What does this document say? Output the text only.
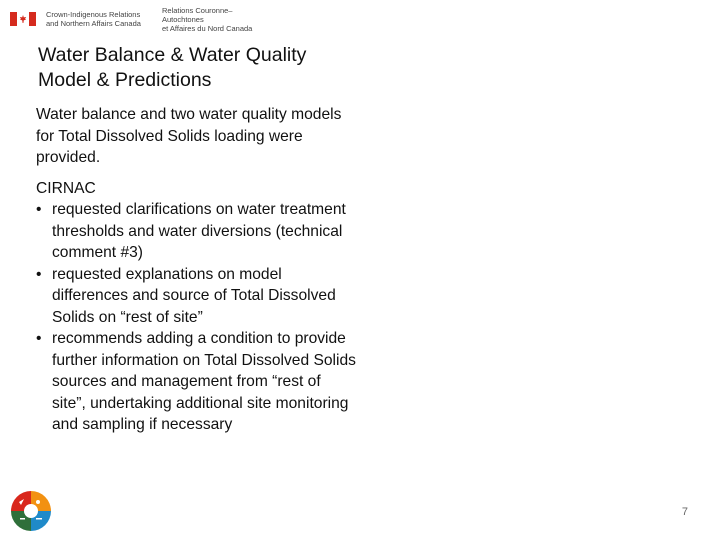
Crown-Indigenous Relations
and Northern Affairs Canada
Relations Couronne–Autochtones
et Affaires du Nord Canada
Water Balance & Water Quality Model & Predictions

Water balance and two water quality models for Total Dissolved Solids loading were provided.

CIRNAC

• requested clarifications on water treatment thresholds and water diversions (technical comment #3)
• requested explanations on model differences and source of Total Dissolved Solids on “rest of site”
• recommends adding a condition to provide further information on Total Dissolved Solids sources and management from “rest of site”, undertaking additional site monitoring and sampling if necessary
7
